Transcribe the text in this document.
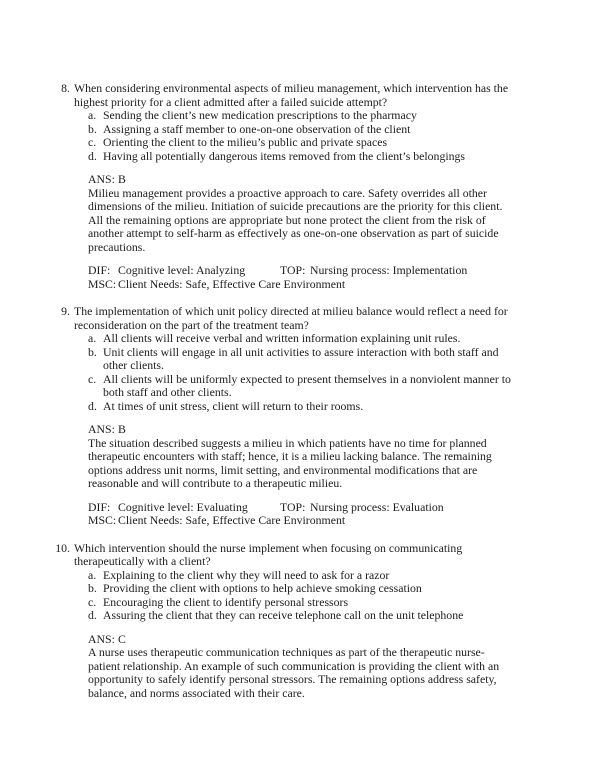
8. When considering environmental aspects of milieu management, which intervention has the highest priority for a client admitted after a failed suicide attempt?
a. Sending the client’s new medication prescriptions to the pharmacy
b. Assigning a staff member to one-on-one observation of the client
c. Orienting the client to the milieu’s public and private spaces
d. Having all potentially dangerous items removed from the client’s belongings
ANS: B
Milieu management provides a proactive approach to care. Safety overrides all other dimensions of the milieu. Initiation of suicide precautions are the priority for this client. All the remaining options are appropriate but none protect the client from the risk of another attempt to self-harm as effectively as one-on-one observation as part of suicide precautions.
DIF: Cognitive level: Analyzing	TOP: Nursing process: Implementation
MSC: Client Needs: Safe, Effective Care Environment
9. The implementation of which unit policy directed at milieu balance would reflect a need for reconsideration on the part of the treatment team?
a. All clients will receive verbal and written information explaining unit rules.
b. Unit clients will engage in all unit activities to assure interaction with both staff and other clients.
c. All clients will be uniformly expected to present themselves in a nonviolent manner to both staff and other clients.
d. At times of unit stress, client will return to their rooms.
ANS: B
The situation described suggests a milieu in which patients have no time for planned therapeutic encounters with staff; hence, it is a milieu lacking balance. The remaining options address unit norms, limit setting, and environmental modifications that are reasonable and will contribute to a therapeutic milieu.
DIF: Cognitive level: Evaluating	TOP: Nursing process: Evaluation
MSC: Client Needs: Safe, Effective Care Environment
10. Which intervention should the nurse implement when focusing on communicating therapeutically with a client?
a. Explaining to the client why they will need to ask for a razor
b. Providing the client with options to help achieve smoking cessation
c. Encouraging the client to identify personal stressors
d. Assuring the client that they can receive telephone call on the unit telephone
ANS: C
A nurse uses therapeutic communication techniques as part of the therapeutic nurse-patient relationship. An example of such communication is providing the client with an opportunity to safely identify personal stressors. The remaining options address safety, balance, and norms associated with their care.
